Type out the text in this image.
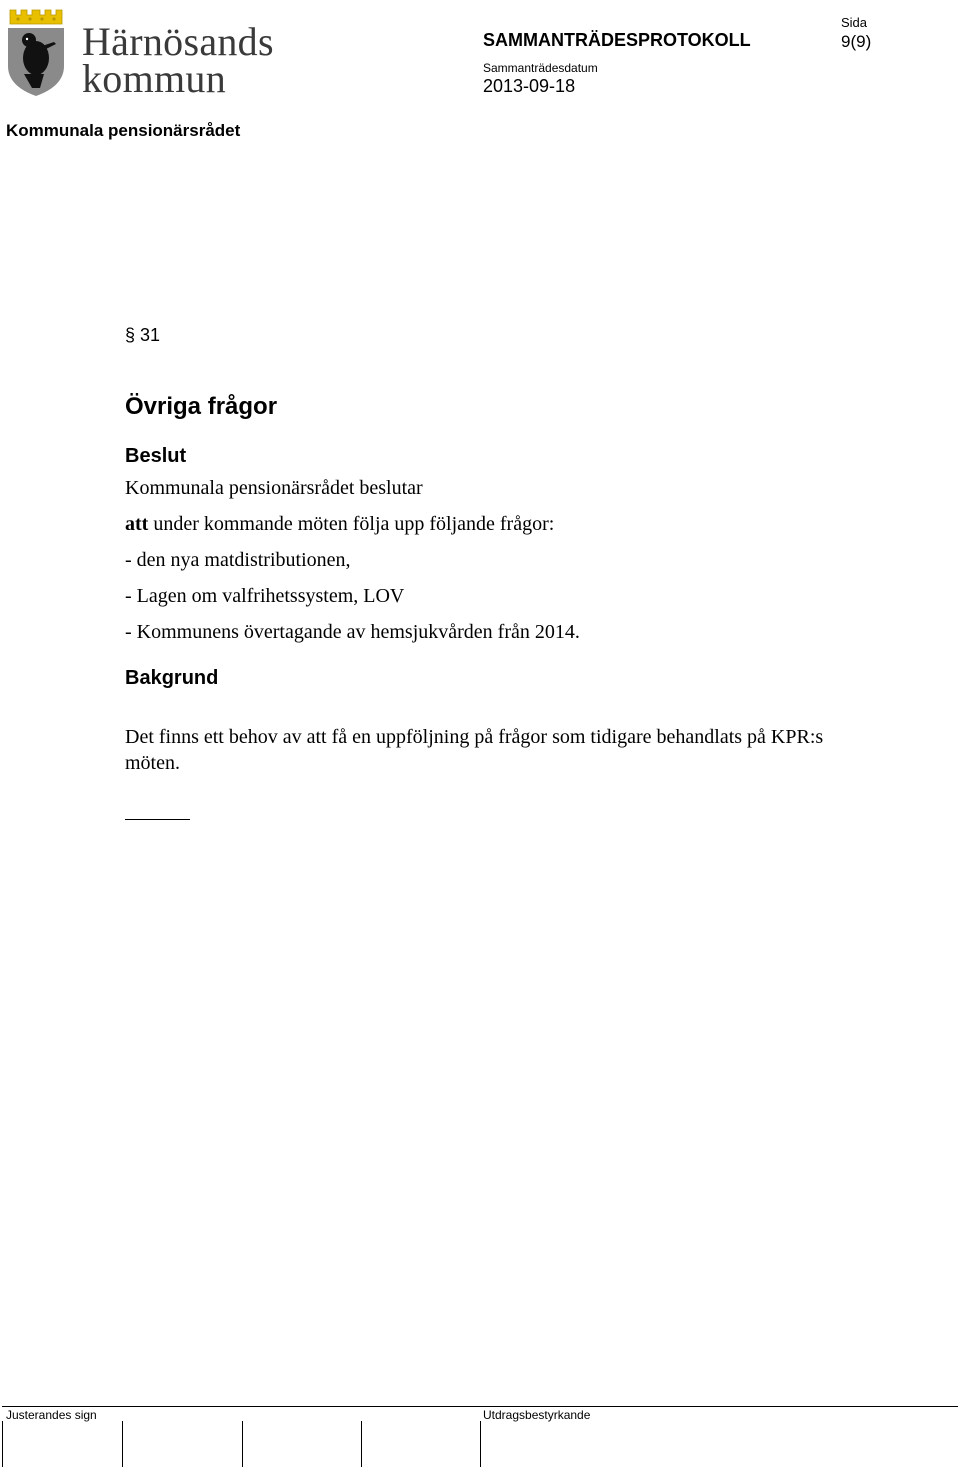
Härnösands
kommun
SAMMANTRÄDESPROTOKOLL
Sammanträdesdatum
2013-09-18
Sida
9(9)
Kommunala pensionärsrådet
§ 31
Övriga frågor
Beslut
Kommunala pensionärsrådet beslutar
att under kommande möten följa upp följande frågor:
- den nya matdistributionen,
- Lagen om valfrihetssystem, LOV
- Kommunens övertagande av hemsjukvården från 2014.
Bakgrund
Det finns ett behov av att få en uppföljning på frågor som tidigare behandlats på KPR:s möten.
Justerandes sign	Utdragsbestyrkande
